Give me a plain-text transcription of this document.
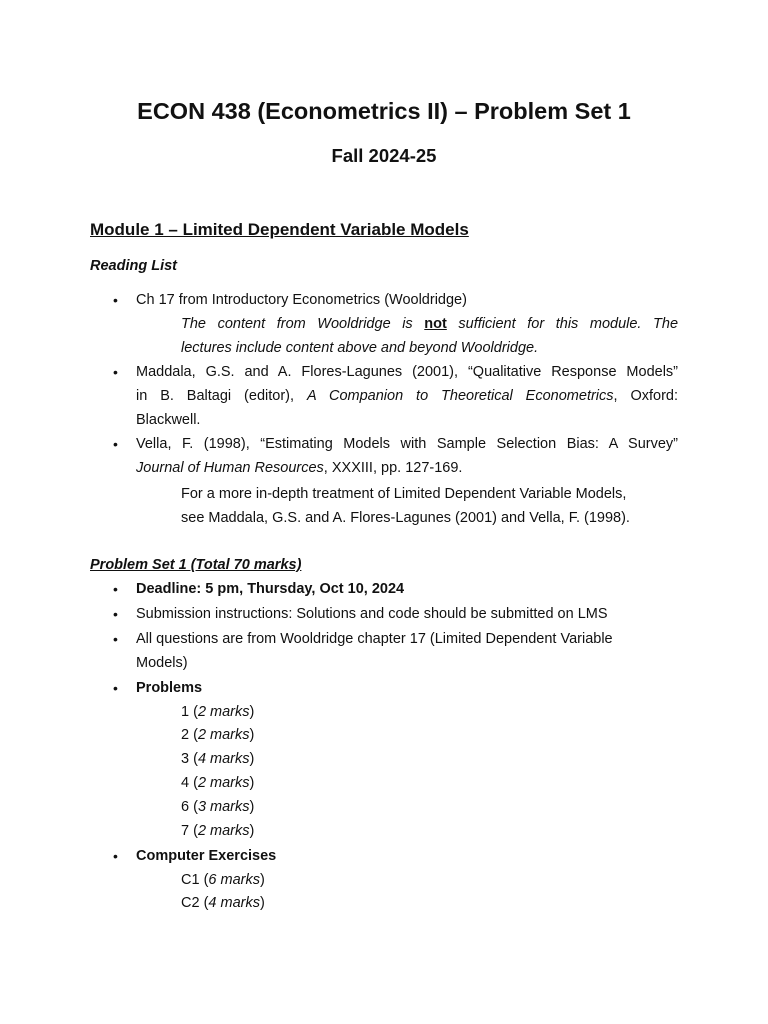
ECON 438 (Econometrics II) – Problem Set 1
Fall 2024-25
Module 1 – Limited Dependent Variable Models
Reading List
• Ch 17 from Introductory Econometrics (Wooldridge)
The content from Wooldridge is not sufficient for this module. The
lectures include content above and beyond Wooldridge.
• Maddala, G.S. and A. Flores-Lagunes (2001), “Qualitative Response Models”
in B. Baltagi (editor), A Companion to Theoretical Econometrics, Oxford:
Blackwell.
• Vella, F. (1998), “Estimating Models with Sample Selection Bias: A Survey”
Journal of Human Resources, XXXIII, pp. 127-169.
For a more in-depth treatment of Limited Dependent Variable Models,
see Maddala, G.S. and A. Flores-Lagunes (2001) and Vella, F. (1998).
Problem Set 1 (Total 70 marks)
• Deadline: 5 pm, Thursday, Oct 10, 2024
• Submission instructions: Solutions and code should be submitted on LMS
• All questions are from Wooldridge chapter 17 (Limited Dependent Variable
Models)
• Problems
1 (2 marks)
2 (2 marks)
3 (4 marks)
4 (2 marks)
6 (3 marks)
7 (2 marks)
• Computer Exercises
C1 (6 marks)
C2 (4 marks)
